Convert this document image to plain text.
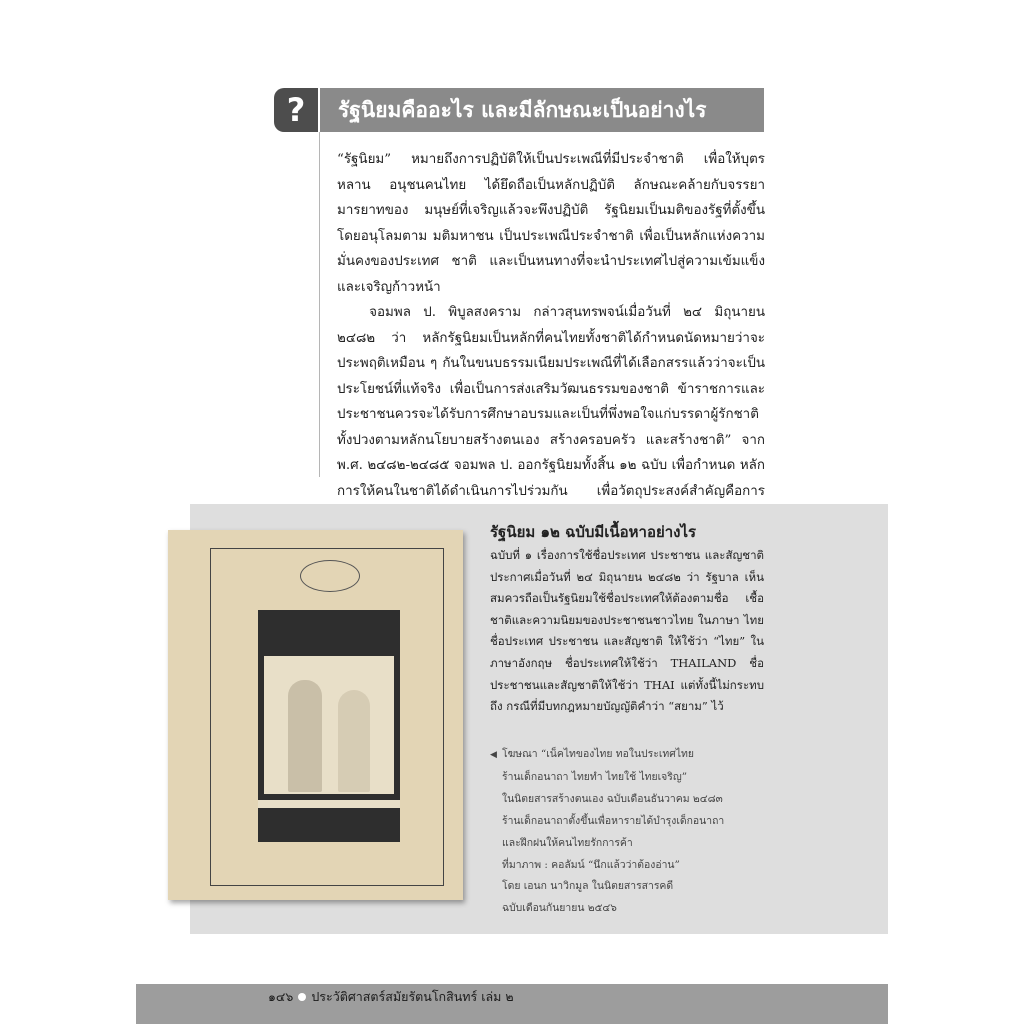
?	รัฐนิยมคืออะไร และมีลักษณะเป็นอย่างไร

“รัฐนิยม” หมายถึงการปฏิบัติให้เป็นประเพณีที่มีประจำชาติ เพื่อให้บุตรหลาน อนุชนคนไทย ได้ยึดถือเป็นหลักปฏิบัติ ลักษณะคล้ายกับจรรยามารยาทของ มนุษย์ที่เจริญแล้วจะพึงปฏิบัติ รัฐนิยมเป็นมติของรัฐที่ตั้งขึ้นโดยอนุโลมตาม มติมหาชน เป็นประเพณีประจำชาติ เพื่อเป็นหลักแห่งความมั่นคงของประเทศ ชาติ และเป็นหนทางที่จะนำประเทศไปสู่ความเข้มแข็งและเจริญก้าวหน้า

จอมพล ป. พิบูลสงคราม กล่าวสุนทรพจน์เมื่อวันที่ ๒๔ มิถุนายน ๒๔๘๒ ว่า หลักรัฐนิยมเป็นหลักที่คนไทยทั้งชาติได้กำหนดนัดหมายว่าจะ ประพฤติเหมือน ๆ กันในขนบธรรมเนียมประเพณีที่ได้เลือกสรรแล้วว่าจะเป็น ประโยชน์ที่แท้จริง เพื่อเป็นการส่งเสริมวัฒนธรรมของชาติ ข้าราชการและ ประชาชนควรจะได้รับการศึกษาอบรมและเป็นที่พึ่งพอใจแก่บรรดาผู้รักชาติ ทั้งปวงตามหลักนโยบายสร้างตนเอง สร้างครอบครัว และสร้างชาติ” จาก พ.ศ. ๒๔๘๒-๒๔๘๕ จอมพล ป. ออกรัฐนิยมทั้งสิ้น ๑๒ ฉบับ เพื่อกำหนด หลักการให้คนในชาติได้ดำเนินการไปร่วมกัน เพื่อวัตถุประสงค์สำคัญคือการ

รัฐนิยม ๑๒ ฉบับมีเนื้อหาอย่างไร

ฉบับที่ ๑ เรื่องการใช้ชื่อประเทศ ประชาชน และสัญชาติ ประกาศเมื่อวันที่ ๒๔ มิถุนายน ๒๔๘๒ ว่า รัฐบาล เห็นสมควรถือเป็นรัฐนิยมใช้ชื่อประเทศให้ต้องตามชื่อ เชื้อชาติและความนิยมของประชาชนชาวไทย ในภาษา ไทย ชื่อประเทศ ประชาชน และสัญชาติ ให้ใช้ว่า “ไทย” ในภาษาอังกฤษ ชื่อประเทศให้ใช้ว่า THAILAND ชื่อ ประชาชนและสัญชาติให้ใช้ว่า THAI แต่ทั้งนี้ไม่กระทบถึง กรณีที่มีบทกฎหมายบัญญัติคำว่า “สยาม” ไว้

◀ โฆษณา “เน็คไทของไทย ทอในประเทศไทย
ร้านเด็กอนาถา ไทยทำ ไทยใช้ ไทยเจริญ”
ในนิตยสารสร้างตนเอง ฉบับเดือนธันวาคม ๒๔๘๓
ร้านเด็กอนาถาตั้งขึ้นเพื่อหารายได้บำรุงเด็กอนาถา
และฝึกฝนให้คนไทยรักการค้า
ที่มาภาพ : คอลัมน์ “นึกแล้วว่าต้องอ่าน”
โดย เอนก นาวิกมูล ในนิตยสารสารคดี
ฉบับเดือนกันยายน ๒๕๔๖
๑๔๖ ประวัติศาสตร์สมัยรัตนโกสินทร์ เล่ม ๒
